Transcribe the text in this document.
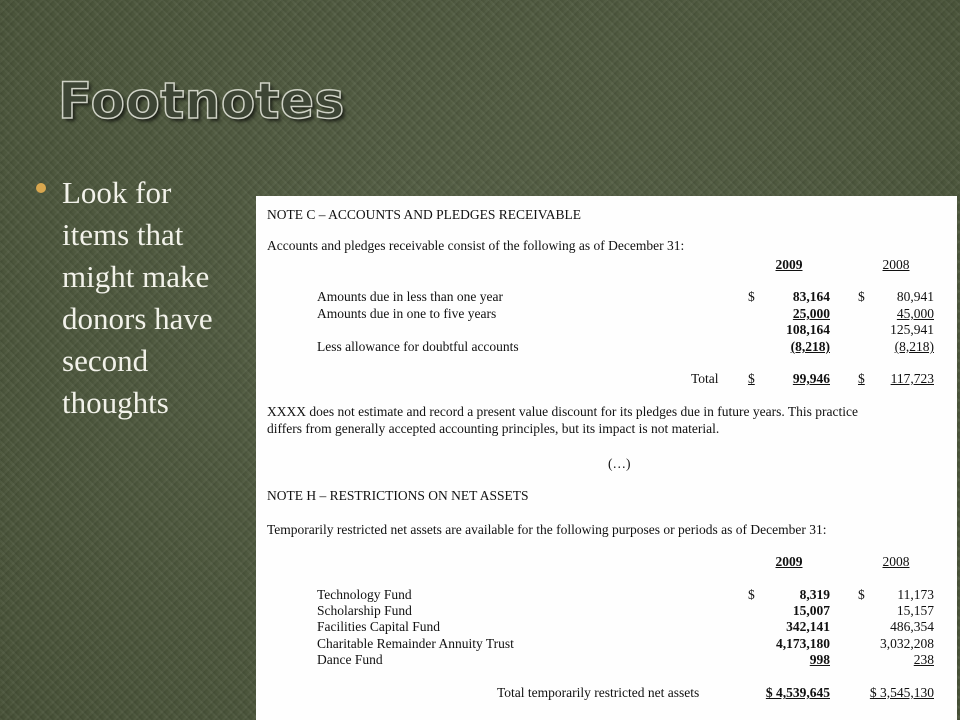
Footnotes

Look for items that might make donors have second thoughts

NOTE C – ACCOUNTS AND PLEDGES RECEIVABLE
Accounts and pledges receivable consist of the following as of December 31:
2009	2008
Amounts due in less than one year	$	83,164 $	80,941
Amounts due in one to five years	25,000	45,000
108,164	125,941
Less allowance for doubtful accounts	(8,218)	(8,218)
Total $	99,946 $	117,723
XXXX does not estimate and record a present value discount for its pledges due in future years. This practice
differs from generally accepted accounting principles, but its impact is not material.
(…)
NOTE H – RESTRICTIONS ON NET ASSETS
Temporarily restricted net assets are available for the following purposes or periods as of December 31:
2009	2008
Technology Fund	$	8,319 $	11,173
Scholarship Fund	15,007	15,157
Facilities Capital Fund	342,141	486,354
Charitable Remainder Annuity Trust	4,173,180	3,032,208
Dance Fund	998	238
Total temporarily restricted net assets	$ 4,539,645	$ 3,545,130
